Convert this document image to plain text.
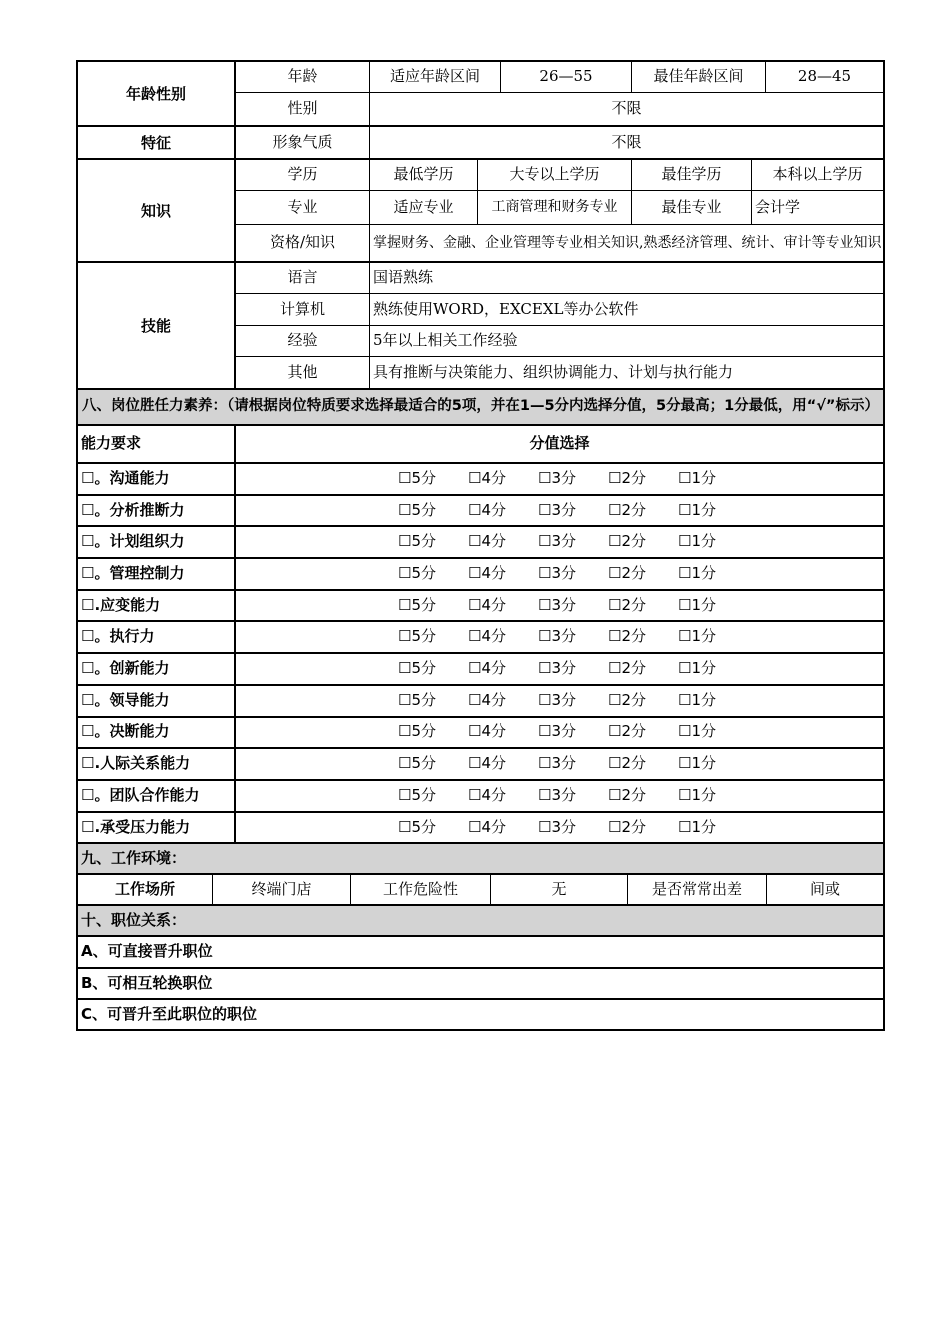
年龄性别
年龄	适应年龄区间	26—55	最佳年龄区间	28—45
性别	不限
特征	形象气质	不限
知识
学历	最低学历	大专以上学历	最佳学历	本科以上学历
专业	适应专业	工商管理和财务专业	最佳专业	会计学
资格/知识	掌握财务、金融、企业管理等专业相关知识,熟悉经济管理、统计、审计等专业知识
技能
语言	国语熟练
计算机	熟练使用WORD，EXCEXL等办公软件
经验	5年以上相关工作经验
其他	具有推断与决策能力、组织协调能力、计划与执行能力
八、岗位胜任力素养：（请根据岗位特质要求选择最适合的5项，并在1—5分内选择分值，5分最高；1分最低，用“√”标示）
能力要求	分值选择
☐。沟通能力	☐5分	☐4分	☐3分	☐2分	☐1分
☐。分析推断力	☐5分	☐4分	☐3分	☐2分	☐1分
☐。计划组织力	☐5分	☐4分	☐3分	☐2分	☐1分
☐。管理控制力	☐5分	☐4分	☐3分	☐2分	☐1分
☐.应变能力	☐5分	☐4分	☐3分	☐2分	☐1分
☐。执行力	☐5分	☐4分	☐3分	☐2分	☐1分
☐。创新能力	☐5分	☐4分	☐3分	☐2分	☐1分
☐。领导能力	☐5分	☐4分	☐3分	☐2分	☐1分
☐。决断能力	☐5分	☐4分	☐3分	☐2分	☐1分
☐.人际关系能力	☐5分	☐4分	☐3分	☐2分	☐1分
☐。团队合作能力	☐5分	☐4分	☐3分	☐2分	☐1分
☐.承受压力能力	☐5分	☐4分	☐3分	☐2分	☐1分
九、工作环境：
工作场所	终端门店	工作危险性	无	是否常常出差	间或
十、职位关系：
A、可直接晋升职位
B、可相互轮换职位
C、可晋升至此职位的职位
